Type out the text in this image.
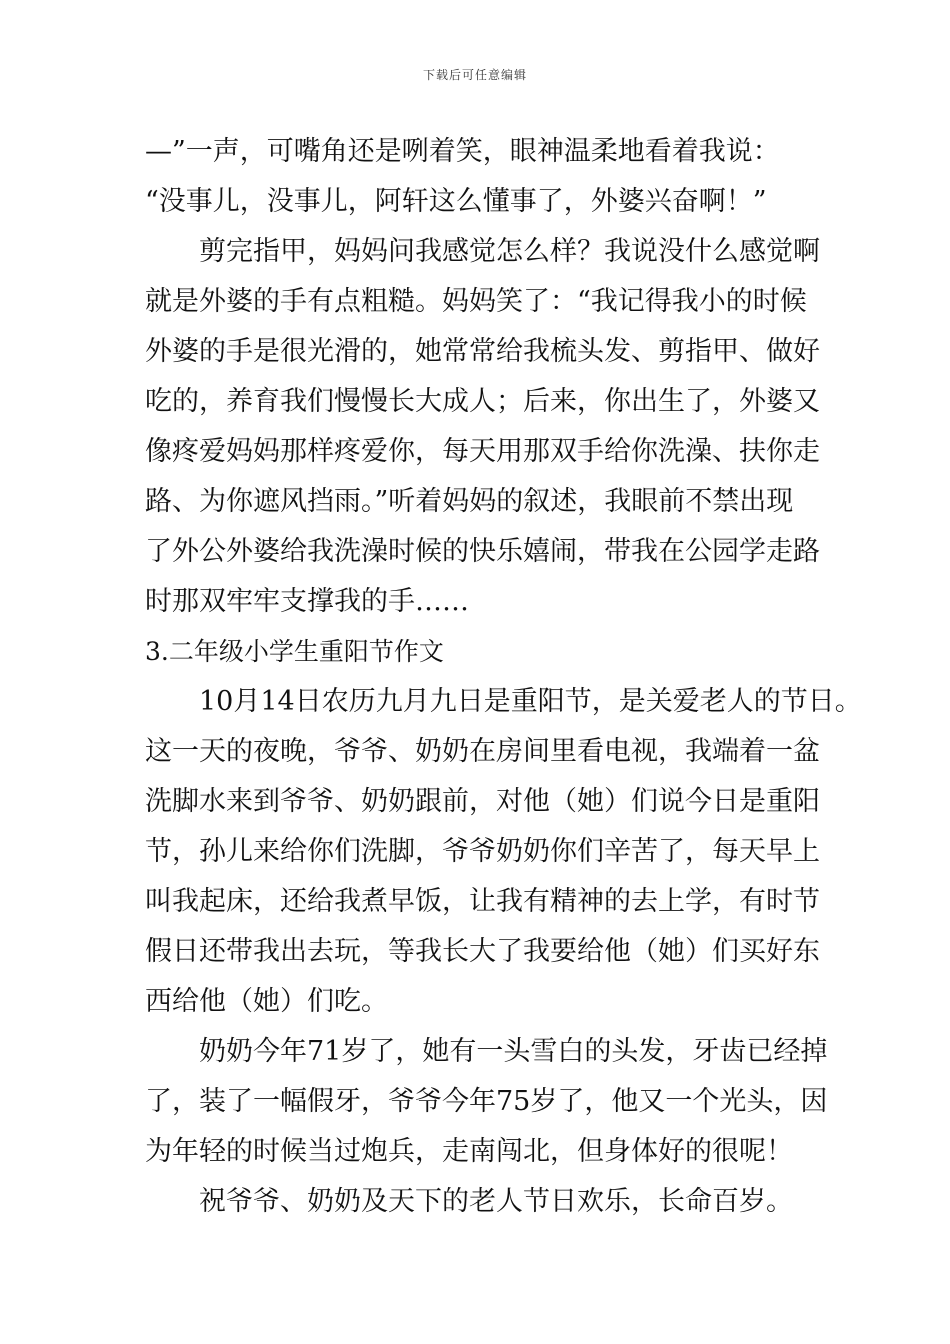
下载后可任意编辑
—”一声，可嘴角还是咧着笑，眼神温柔地看着我说：
“没事儿，没事儿，阿轩这么懂事了，外婆兴奋啊！”
剪完指甲，妈妈问我感觉怎么样？我说没什么感觉啊
就是外婆的手有点粗糙。妈妈笑了：“我记得我小的时候
外婆的手是很光滑的，她常常给我梳头发、剪指甲、做好
吃的，养育我们慢慢长大成人；后来，你出生了，外婆又
像疼爱妈妈那样疼爱你，每天用那双手给你洗澡、扶你走
路、为你遮风挡雨。”听着妈妈的叙述，我眼前不禁出现
了外公外婆给我洗澡时候的快乐嬉闹，带我在公园学走路
时那双牢牢支撑我的手……
3.二年级小学生重阳节作文
10月14日农历九月九日是重阳节，是关爱老人的节日。
这一天的夜晚，爷爷、奶奶在房间里看电视，我端着一盆
洗脚水来到爷爷、奶奶跟前，对他（她）们说今日是重阳
节，孙儿来给你们洗脚，爷爷奶奶你们辛苦了，每天早上
叫我起床，还给我煮早饭，让我有精神的去上学，有时节
假日还带我出去玩，等我长大了我要给他（她）们买好东
西给他（她）们吃。
奶奶今年71岁了，她有一头雪白的头发，牙齿已经掉
了，装了一幅假牙，爷爷今年75岁了，他又一个光头，因
为年轻的时候当过炮兵，走南闯北，但身体好的很呢！
祝爷爷、奶奶及天下的老人节日欢乐，长命百岁。
